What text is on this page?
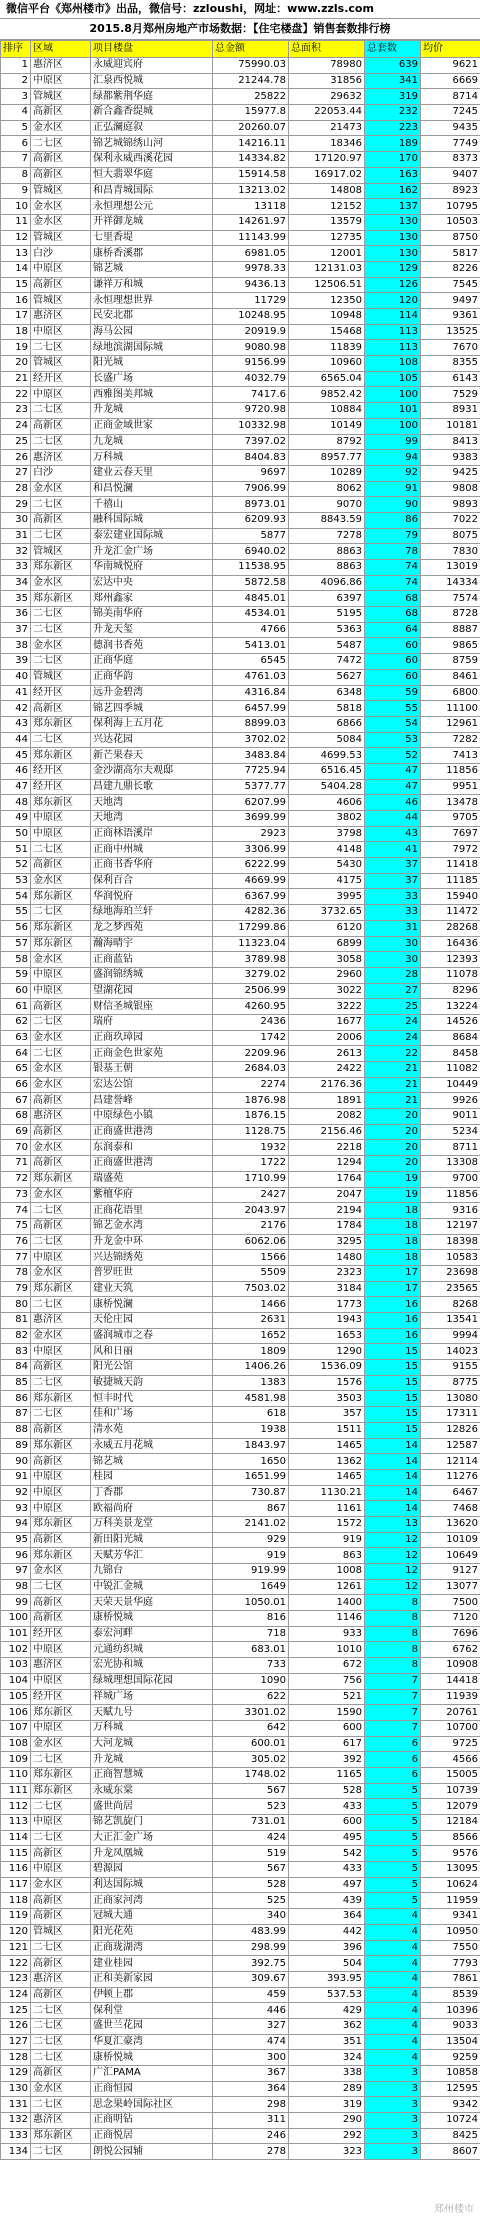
微信平台《郑州楼市》出品，微信号：zzloushi，网址：www.zzls.com
2015.8月郑州房地产市场数据：【住宅楼盘】销售套数排行榜
排序	区域	项目楼盘	总金额	总面积	总套数	均价
1	惠济区	永威迎宾府	75990.03	78980	639	9621
2	中原区	汇泉西悦城	21244.78	31856	341	6669
3	管城区	绿都紫荆华庭	25822	29632	319	8714
4	高新区	新合鑫香缇城	15977.8	22053.44	232	7245
5	金水区	正弘澜庭叙	20260.07	21473	223	9435
6	二七区	锦艺城锦绣山河	14216.11	18346	189	7749
7	高新区	保利永威西溪花园	14334.82	17120.97	170	8373
8	高新区	恒大翡翠华庭	15914.58	16917.02	163	9407
9	管城区	和昌青城国际	13213.02	14808	162	8923
10	金水区	永恒理想公元	13118	12152	137	10795
11	金水区	开祥御龙城	14261.97	13579	130	10503
12	管城区	七里香堤	11143.99	12735	130	8750
13	白沙	康桥香溪郡	6981.05	12001	130	5817
14	中原区	锦艺城	9978.33	12131.03	129	8226
15	高新区	谦祥万和城	9436.13	12506.51	126	7545
16	管城区	永恒理想世界	11729	12350	120	9497
17	惠济区	民安北郡	10248.95	10948	114	9361
18	中原区	海马公园	20919.9	15468	113	13525
19	二七区	绿地滨湖国际城	9080.98	11839	113	7670
20	管城区	阳光城	9156.99	10960	108	8355
21	经开区	长盛广场	4032.79	6565.04	105	6143
22	中原区	西雅图美邦城	7417.6	9852.42	100	7529
23	二七区	升龙城	9720.98	10884	101	8931
24	高新区	正商金域世家	10332.98	10149	100	10181
25	二七区	九龙城	7397.02	8792	99	8413
26	惠济区	万科城	8404.83	8957.77	94	9383
27	白沙	建业云春天里	9697	10289	92	9425
28	金水区	和昌悦澜	7906.99	8062	91	9808
29	二七区	千禧山	8973.01	9070	90	9893
30	高新区	融科国际城	6209.93	8843.59	86	7022
31	二七区	泰宏建业国际城	5877	7278	79	8075
32	管城区	升龙汇金广场	6940.02	8863	78	7830
33	郑东新区	华南城悦府	11538.95	8863	74	13019
34	金水区	宏达中央	5872.58	4096.86	74	14334
35	郑东新区	郑州鑫家	4845.01	6397	68	7574
36	二七区	锦美南华府	4534.01	5195	68	8728
37	二七区	升龙天玺	4766	5363	64	8887
38	金水区	德润书香苑	5413.01	5487	60	9865
39	二七区	正商华庭	6545	7472	60	8759
40	管城区	正商华韵	4761.03	5627	60	8461
41	经开区	远升金碧湾	4316.84	6348	59	6800
42	高新区	锦艺四季城	6457.99	5818	55	11100
43	郑东新区	保利海上五月花	8899.03	6866	54	12961
44	二七区	兴达花园	3702.02	5084	53	7282
45	郑东新区	新芒果春天	3483.84	4699.53	52	7413
46	经开区	金沙湖高尔夫观邸	7725.94	6516.45	47	11856
47	经开区	昌建九鼎长歌	5377.77	5404.28	47	9951
48	郑东新区	天地湾	6207.99	4606	46	13478
49	中原区	天地湾	3699.99	3802	44	9705
50	中原区	正商林语溪岸	2923	3798	43	7697
51	二七区	正商中州城	3306.99	4148	41	7972
52	高新区	正商书香华府	6222.99	5430	37	11418
53	金水区	保利百合	4669.99	4175	37	11185
54	郑东新区	华润悦府	6367.99	3995	33	15940
55	二七区	绿地海珀兰轩	4282.36	3732.65	33	11472
56	郑东新区	龙之梦西苑	17299.86	6120	31	28268
57	郑东新区	瀚海晴宇	11323.04	6899	30	16436
58	金水区	正商蓝钻	3789.98	3058	30	12393
59	中原区	盛润锦绣城	3279.02	2960	28	11078
60	中原区	望湖花园	2506.99	3022	27	8296
61	高新区	财信圣城银座	4260.95	3222	25	13224
62	二七区	瑞府	2436	1677	24	14526
63	金水区	正商玖璋园	1742	2006	24	8684
64	二七区	正商金色世家苑	2209.96	2613	22	8458
65	金水区	银基王朝	2684.03	2422	21	11082
66	金水区	宏达公馆	2274	2176.36	21	10449
67	高新区	昌建誉峰	1876.98	1891	21	9926
68	惠济区	中原绿色小镇	1876.15	2082	20	9011
69	高新区	正商盛世港湾	1128.75	2156.46	20	5234
70	金水区	东润泰和	1932	2218	20	8711
71	高新区	正商盛世港湾	1722	1294	20	13308
72	郑东新区	瑞盛苑	1710.99	1764	19	9700
73	金水区	紫檀华府	2427	2047	19	11856
74	二七区	正商花语里	2043.97	2194	18	9316
75	高新区	锦艺金水湾	2176	1784	18	12197
76	二七区	升龙金中环	6062.06	3295	18	18398
77	中原区	兴达锦绣苑	1566	1480	18	10583
78	金水区	普罗旺世	5509	2323	17	23698
79	郑东新区	建业天筑	7503.02	3184	17	23565
80	二七区	康桥悦澜	1466	1773	16	8268
81	惠济区	天伦庄园	2631	1943	16	13541
82	金水区	盛润城市之春	1652	1653	16	9994
83	中原区	风和日丽	1809	1290	15	14023
84	高新区	阳光公馆	1406.26	1536.09	15	9155
85	二七区	敏捷城天韵	1383	1576	15	8775
86	郑东新区	恒丰时代	4581.98	3503	15	13080
87	二七区	佳和广场	618	357	15	17311
88	高新区	清水苑	1938	1511	15	12826
89	郑东新区	永威五月花城	1843.97	1465	14	12587
90	高新区	锦艺城	1650	1362	14	12114
91	中原区	桂园	1651.99	1465	14	11276
92	中原区	丁香郡	730.87	1130.21	14	6467
93	中原区	欧福尚府	867	1161	14	7468
94	郑东新区	万科美景龙堂	2141.02	1572	13	13620
95	高新区	新田阳光城	929	919	12	10109
96	郑东新区	天赋芳华汇	919	863	12	10649
97	金水区	九锦台	919.99	1008	12	9127
98	二七区	中锐汇金城	1649	1261	12	13077
99	高新区	天荣天景华庭	1050.01	1400	8	7500
100	高新区	康桥悦城	816	1146	8	7120
101	经开区	泰宏河畔	718	933	8	7696
102	中原区	元通纺织城	683.01	1010	8	6762
103	惠济区	宏光协和城	733	672	8	10908
104	中原区	绿城理想国际花园	1090	756	7	14418
105	经开区	祥城广场	622	521	7	11939
106	郑东新区	天赋九号	3301.02	1590	7	20761
107	中原区	万科城	642	600	7	10700
108	金水区	大河龙城	600.01	617	6	9725
109	二七区	升龙城	305.02	392	6	4566
110	郑东新区	正商智慧城	1748.02	1165	6	15005
111	郑东新区	永威东棠	567	528	5	10739
112	二七区	盛世尚居	523	433	5	12079
113	中原区	锦艺凯旋门	731.01	600	5	12184
114	二七区	大正汇金广场	424	495	5	8566
115	高新区	升龙凤凰城	519	542	5	9576
116	中原区	碧源园	567	433	5	13095
117	金水区	利达国际城	528	497	5	10624
118	高新区	正商家河湾	525	439	5	11959
119	高新区	冠城大通	340	364	4	9341
120	管城区	阳光花苑	483.99	442	4	10950
121	二七区	正商珑湖湾	298.99	396	4	7550
122	高新区	建业桂园	392.75	504	4	7793
123	惠济区	正和美新家园	309.67	393.95	4	7861
124	高新区	伊顿上郡	459	537.53	4	8539
125	二七区	保利堂	446	429	4	10396
126	二七区	盛世兰花园	327	362	4	9033
127	二七区	华夏汇豪湾	474	351	4	13504
128	二七区	康桥悦城	300	324	4	9259
129	高新区	广汇PAMA	367	338	3	10858
130	金水区	正商恒园	364	289	3	12595
131	二七区	思念果岭国际社区	298	319	3	9342
132	惠济区	正商明钻	311	290	3	10724
133	郑东新区	正商悦居	246	292	3	8425
134	二七区	朗悦公园辅	278	323	3	8607
郑州楼市
